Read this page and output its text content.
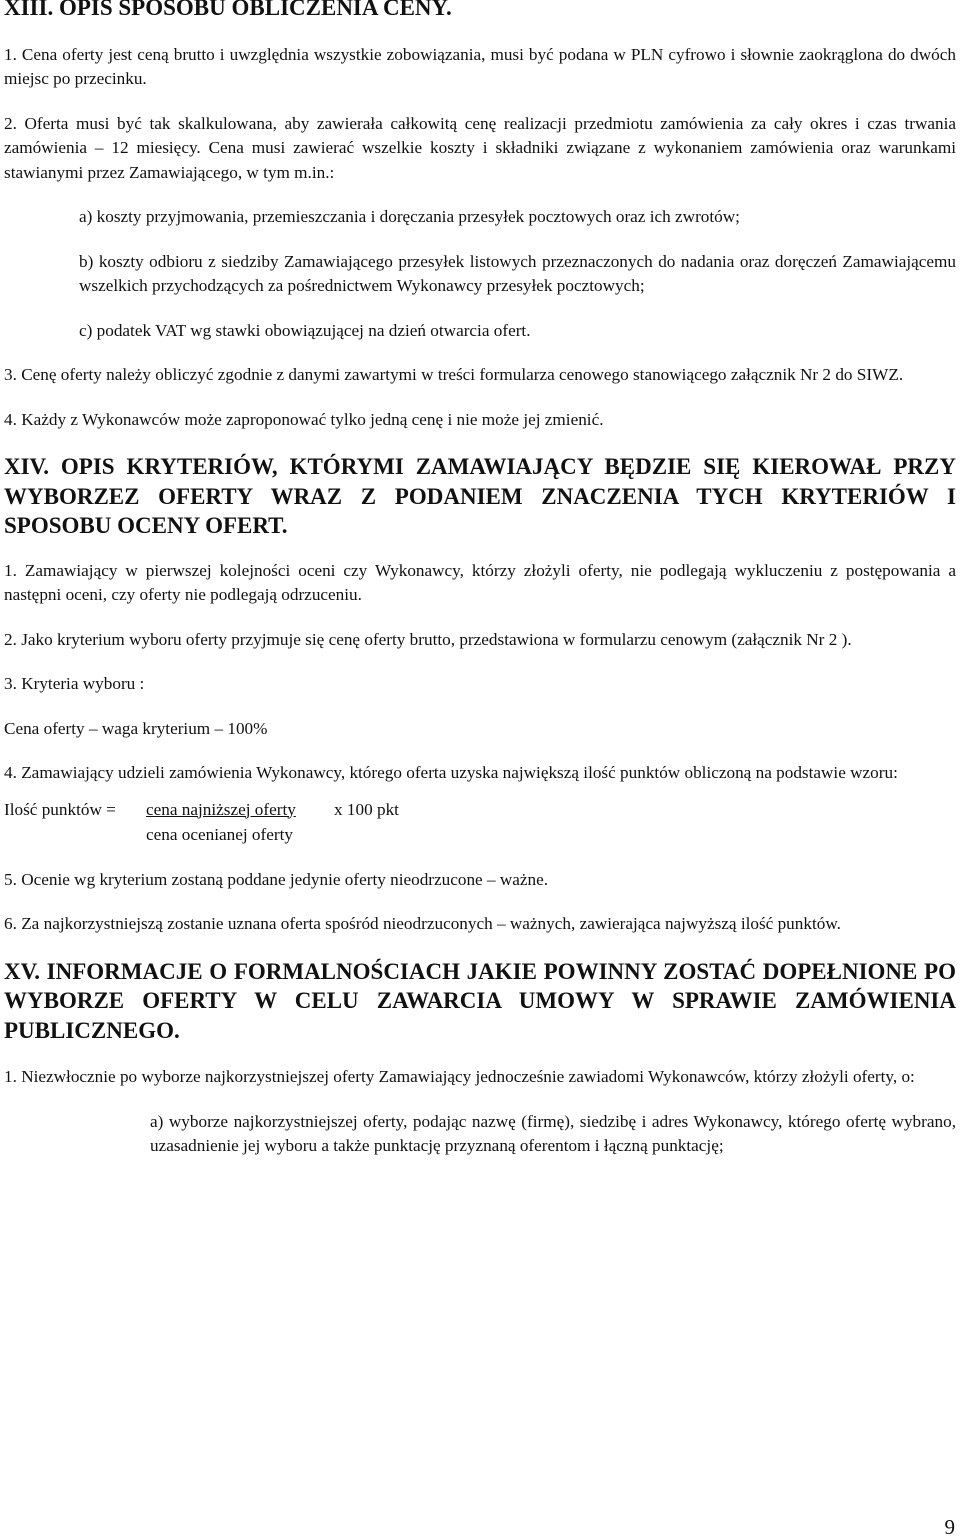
XIII. OPIS SPOSOBU OBLICZENIA CENY.

1. Cena oferty jest ceną brutto i uwzględnia wszystkie zobowiązania, musi być podana w PLN cyfrowo i słownie zaokrąglona do dwóch miejsc po przecinku.

2. Oferta musi być tak skalkulowana, aby zawierała całkowitą cenę realizacji przedmiotu zamówienia za cały okres i czas trwania zamówienia – 12 miesięcy. Cena musi zawierać wszelkie koszty i składniki związane z wykonaniem zamówienia oraz warunkami stawianymi przez Zamawiającego, w tym m.in.:

a) koszty przyjmowania, przemieszczania i doręczania przesyłek pocztowych oraz ich zwrotów;

b) koszty odbioru z siedziby Zamawiającego przesyłek listowych przeznaczonych do nadania oraz doręczeń Zamawiającemu wszelkich przychodzących za pośrednictwem Wykonawcy przesyłek pocztowych;

c) podatek VAT wg stawki obowiązującej na dzień otwarcia ofert.

3. Cenę oferty należy obliczyć zgodnie z danymi zawartymi w treści formularza cenowego stanowiącego załącznik Nr 2 do SIWZ.

4. Każdy z Wykonawców może zaproponować tylko jedną cenę i nie może jej zmienić.

XIV. OPIS KRYTERIÓW, KTÓRYMI ZAMAWIAJĄCY BĘDZIE SIĘ KIEROWAŁ PRZY WYBORZEZ OFERTY WRAZ Z PODANIEM ZNACZENIA TYCH KRYTERIÓW I SPOSOBU OCENY OFERT.

1. Zamawiający w pierwszej kolejności oceni czy Wykonawcy, którzy złożyli oferty, nie podlegają wykluczeniu z postępowania a następni oceni, czy oferty nie podlegają odrzuceniu.

2. Jako kryterium wyboru oferty przyjmuje się cenę oferty brutto, przedstawiona w formularzu cenowym (załącznik Nr 2 ).

3. Kryteria wyboru :

Cena oferty – waga kryterium – 100%

4. Zamawiający udzieli zamówienia Wykonawcy, którego oferta uzyska największą ilość punktów obliczoną na podstawie wzoru:

Ilość punktów = cena najniższej oferty x 100 pkt
cena ocenianej oferty

5. Ocenie wg kryterium zostaną poddane jedynie oferty nieodrzucone – ważne.

6. Za najkorzystniejszą zostanie uznana oferta spośród nieodrzuconych – ważnych, zawierająca najwyższą ilość punktów.

XV. INFORMACJE O FORMALNOŚCIACH JAKIE POWINNY ZOSTAĆ DOPEŁNIONE PO WYBORZE OFERTY W CELU ZAWARCIA UMOWY W SPRAWIE ZAMÓWIENIA PUBLICZNEGO.

1. Niezwłocznie po wyborze najkorzystniejszej oferty Zamawiający jednocześnie zawiadomi Wykonawców, którzy złożyli oferty, o:

a) wyborze najkorzystniejszej oferty, podając nazwę (firmę), siedzibę i adres Wykonawcy, którego ofertę wybrano, uzasadnienie jej wyboru a także punktację przyznaną oferentom i łączną punktację;

9
